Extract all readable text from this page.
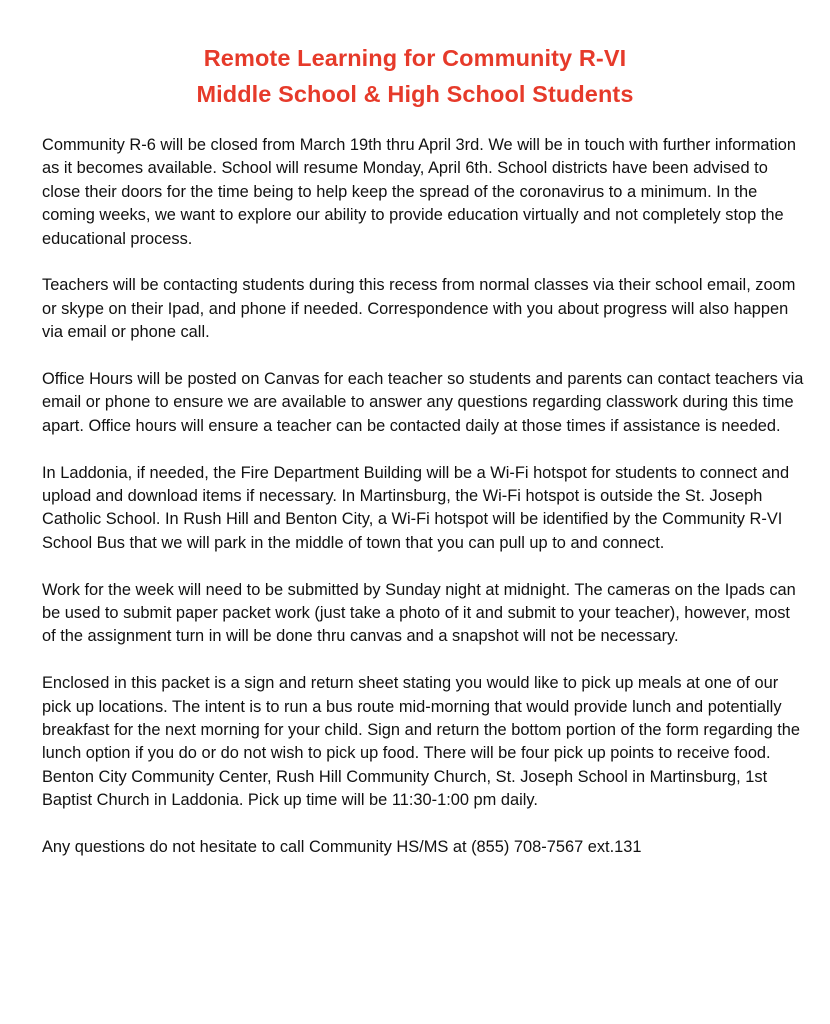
Remote Learning for Community R-VI
Middle School & High School Students

Community R-6 will be closed from March 19th thru April 3rd. We will be in touch with further information as it becomes available. School will resume Monday, April 6th. School districts have been advised to close their doors for the time being to help keep the spread of the coronavirus to a minimum. In the coming weeks, we want to explore our ability to provide education virtually and not completely stop the educational process.

Teachers will be contacting students during this recess from normal classes via their school email, zoom or skype on their Ipad, and phone if needed. Correspondence with you about progress will also happen via email or phone call.

Office Hours will be posted on Canvas for each teacher so students and parents can contact teachers via email or phone to ensure we are available to answer any questions regarding classwork during this time apart. Office hours will ensure a teacher can be contacted daily at those times if assistance is needed.

In Laddonia, if needed, the Fire Department Building will be a Wi-Fi hotspot for students to connect and upload and download items if necessary. In Martinsburg, the Wi-Fi hotspot is outside the St. Joseph Catholic School. In Rush Hill and Benton City, a Wi-Fi hotspot will be identified by the Community R-VI School Bus that we will park in the middle of town that you can pull up to and connect.

Work for the week will need to be submitted by Sunday night at midnight. The cameras on the Ipads can be used to submit paper packet work (just take a photo of it and submit to your teacher), however, most of the assignment turn in will be done thru canvas and a snapshot will not be necessary.

Enclosed in this packet is a sign and return sheet stating you would like to pick up meals at one of our pick up locations. The intent is to run a bus route mid-morning that would provide lunch and potentially breakfast for the next morning for your child. Sign and return the bottom portion of the form regarding the lunch option if you do or do not wish to pick up food. There will be four pick up points to receive food. Benton City Community Center, Rush Hill Community Church, St. Joseph School in Martinsburg, 1st Baptist Church in Laddonia. Pick up time will be 11:30-1:00 pm daily.

Any questions do not hesitate to call Community HS/MS at (855) 708-7567 ext.131
